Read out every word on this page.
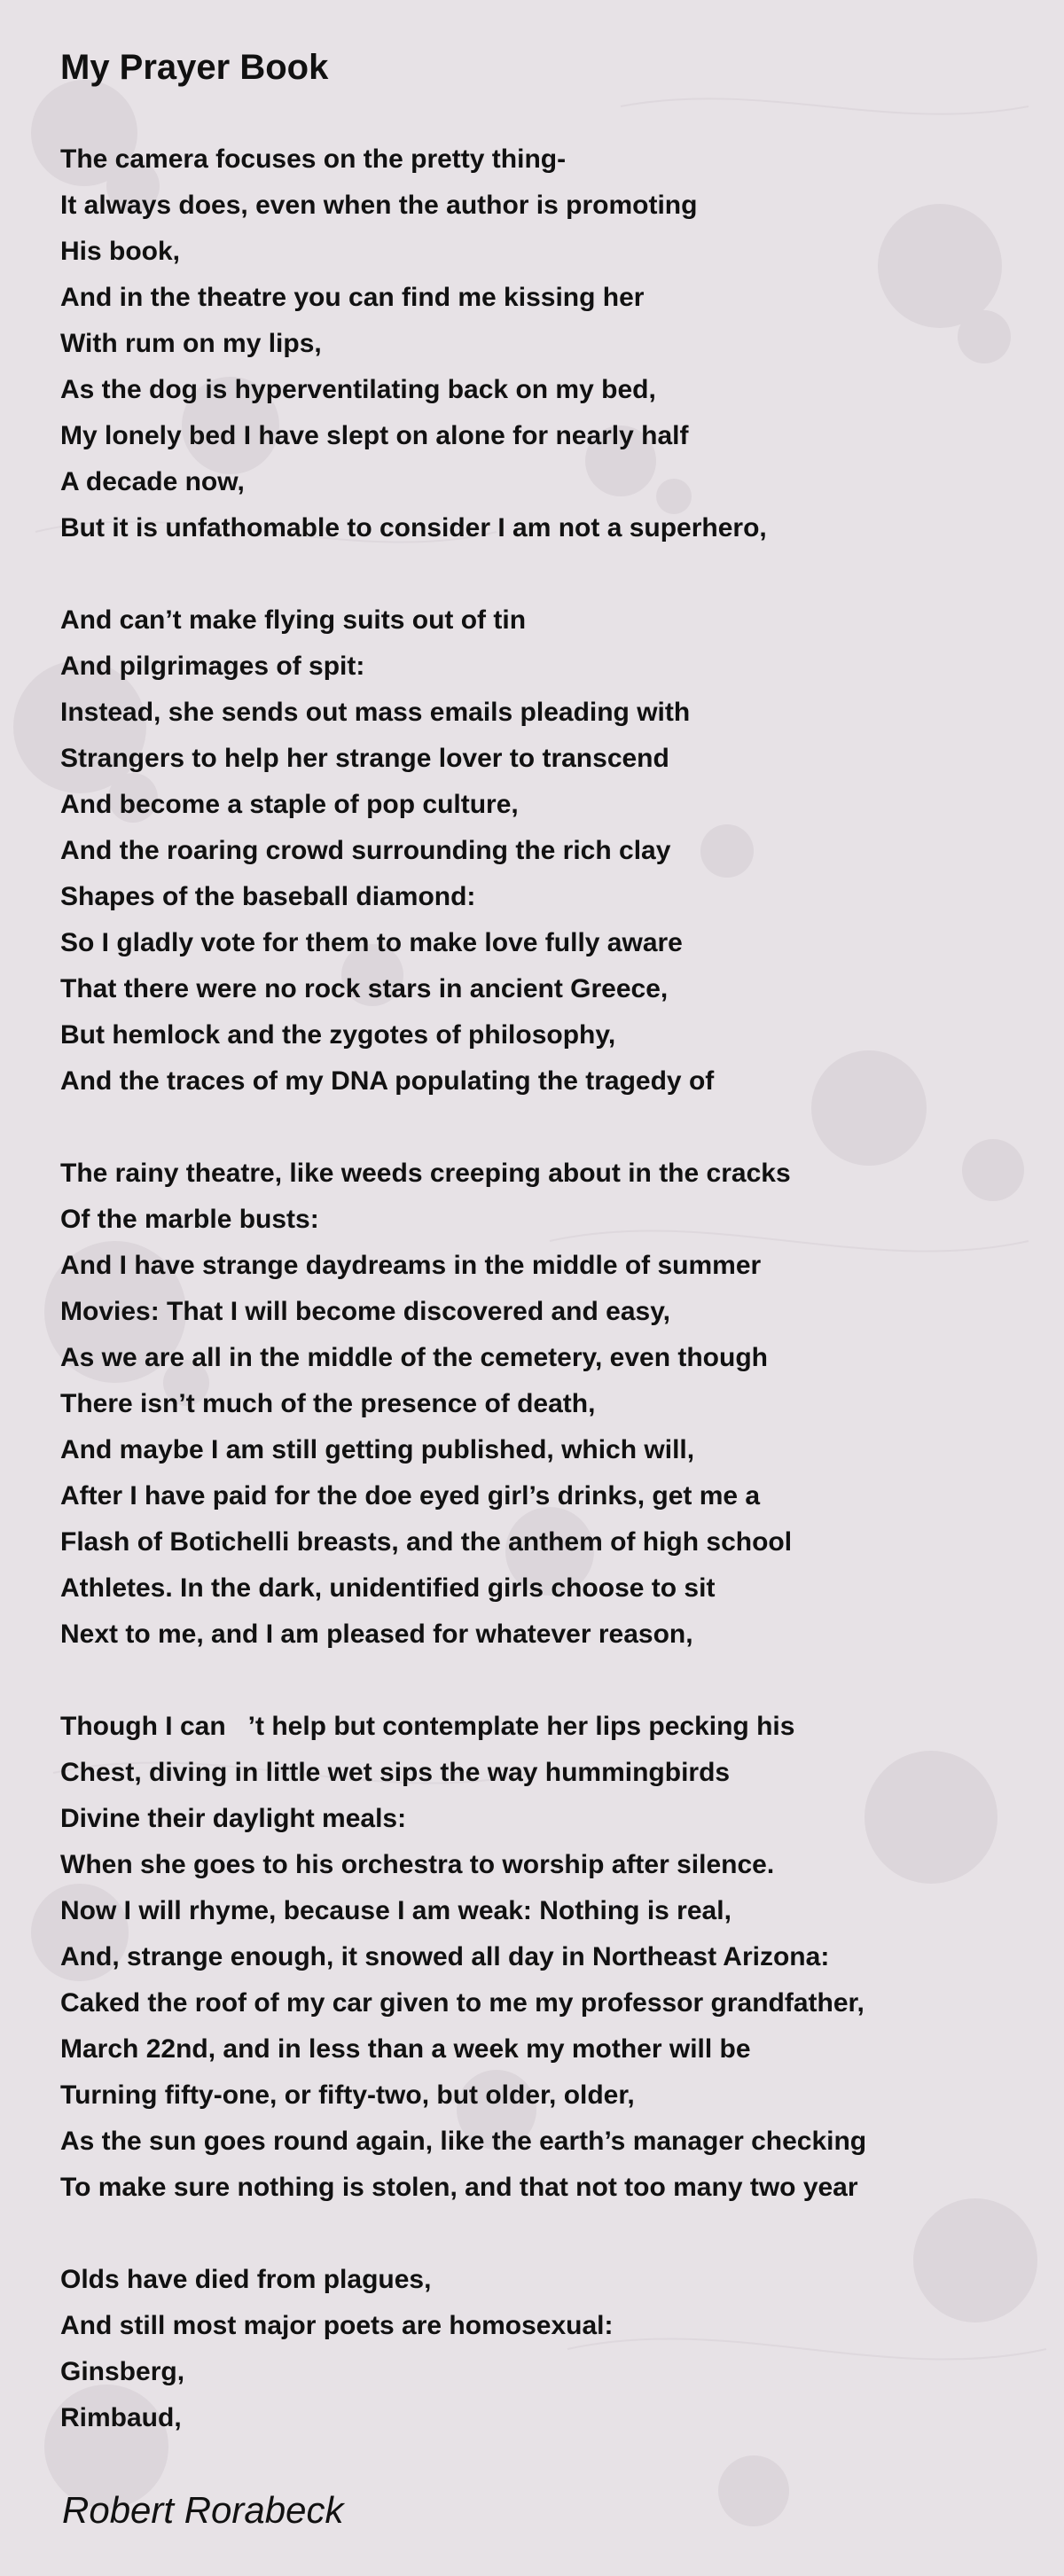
My Prayer Book
The camera focuses on the pretty thing-
It always does, even when the author is promoting
His book,
And in the theatre you can find me kissing her
With rum on my lips,
As the dog is hyperventilating back on my bed,
My lonely bed I have slept on alone for nearly half
A decade now,
But it is unfathomable to consider I am not a superhero,
And can’t make flying suits out of tin
And pilgrimages of spit:
Instead, she sends out mass emails pleading with
Strangers to help her strange lover to transcend
And become a staple of pop culture,
And the roaring crowd surrounding the rich clay
Shapes of the baseball diamond:
So I gladly vote for them to make love fully aware
That there were no rock stars in ancient Greece,
But hemlock and the zygotes of philosophy,
And the traces of my DNA populating the tragedy of
The rainy theatre, like weeds creeping about in the cracks
Of the marble busts:
And I have strange daydreams in the middle of summer
Movies: That I will become discovered and easy,
As we are all in the middle of the cemetery, even though
There isn’t much of the presence of death,
And maybe I am still getting published, which will,
After I have paid for the doe eyed girl’s drinks, get me a
Flash of Botichelli breasts, and the anthem of high school
Athletes. In the dark, unidentified girls choose to sit
Next to me, and I am pleased for whatever reason,
Though I can   ’t help but contemplate her lips pecking his
Chest, diving in little wet sips the way hummingbirds
Divine their daylight meals:
When she goes to his orchestra to worship after silence.
Now I will rhyme, because I am weak: Nothing is real,
And, strange enough, it snowed all day in Northeast Arizona:
Caked the roof of my car given to me my professor grandfather,
March 22nd, and in less than a week my mother will be
Turning fifty-one, or fifty-two, but older, older,
As the sun goes round again, like the earth’s manager checking
To make sure nothing is stolen, and that not too many two year
Olds have died from plagues,
And still most major poets are homosexual:
Ginsberg,
Rimbaud,
Robert Rorabeck
